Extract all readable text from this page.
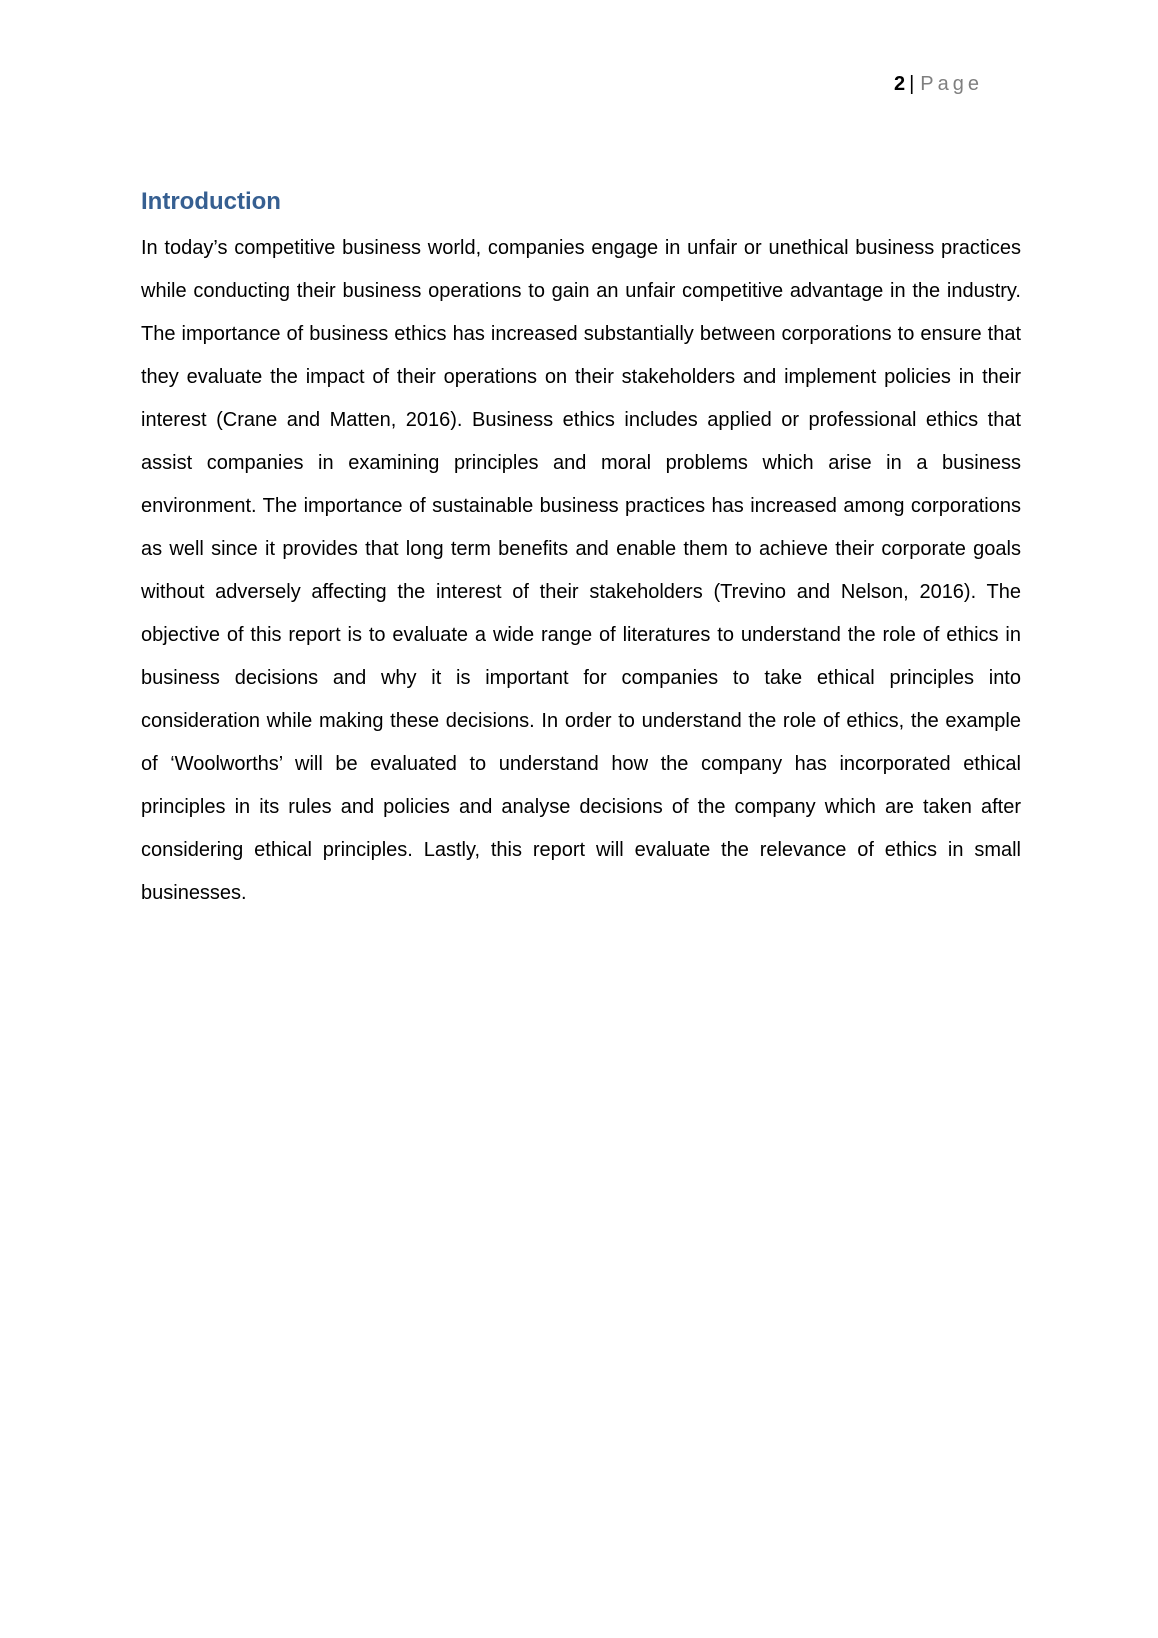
2 | Page
Introduction

In today’s competitive business world, companies engage in unfair or unethical business practices while conducting their business operations to gain an unfair competitive advantage in the industry. The importance of business ethics has increased substantially between corporations to ensure that they evaluate the impact of their operations on their stakeholders and implement policies in their interest (Crane and Matten, 2016). Business ethics includes applied or professional ethics that assist companies in examining principles and moral problems which arise in a business environment. The importance of sustainable business practices has increased among corporations as well since it provides that long term benefits and enable them to achieve their corporate goals without adversely affecting the interest of their stakeholders (Trevino and Nelson, 2016). The objective of this report is to evaluate a wide range of literatures to understand the role of ethics in business decisions and why it is important for companies to take ethical principles into consideration while making these decisions. In order to understand the role of ethics, the example of ‘Woolworths’ will be evaluated to understand how the company has incorporated ethical principles in its rules and policies and analyse decisions of the company which are taken after considering ethical principles. Lastly, this report will evaluate the relevance of ethics in small businesses.
